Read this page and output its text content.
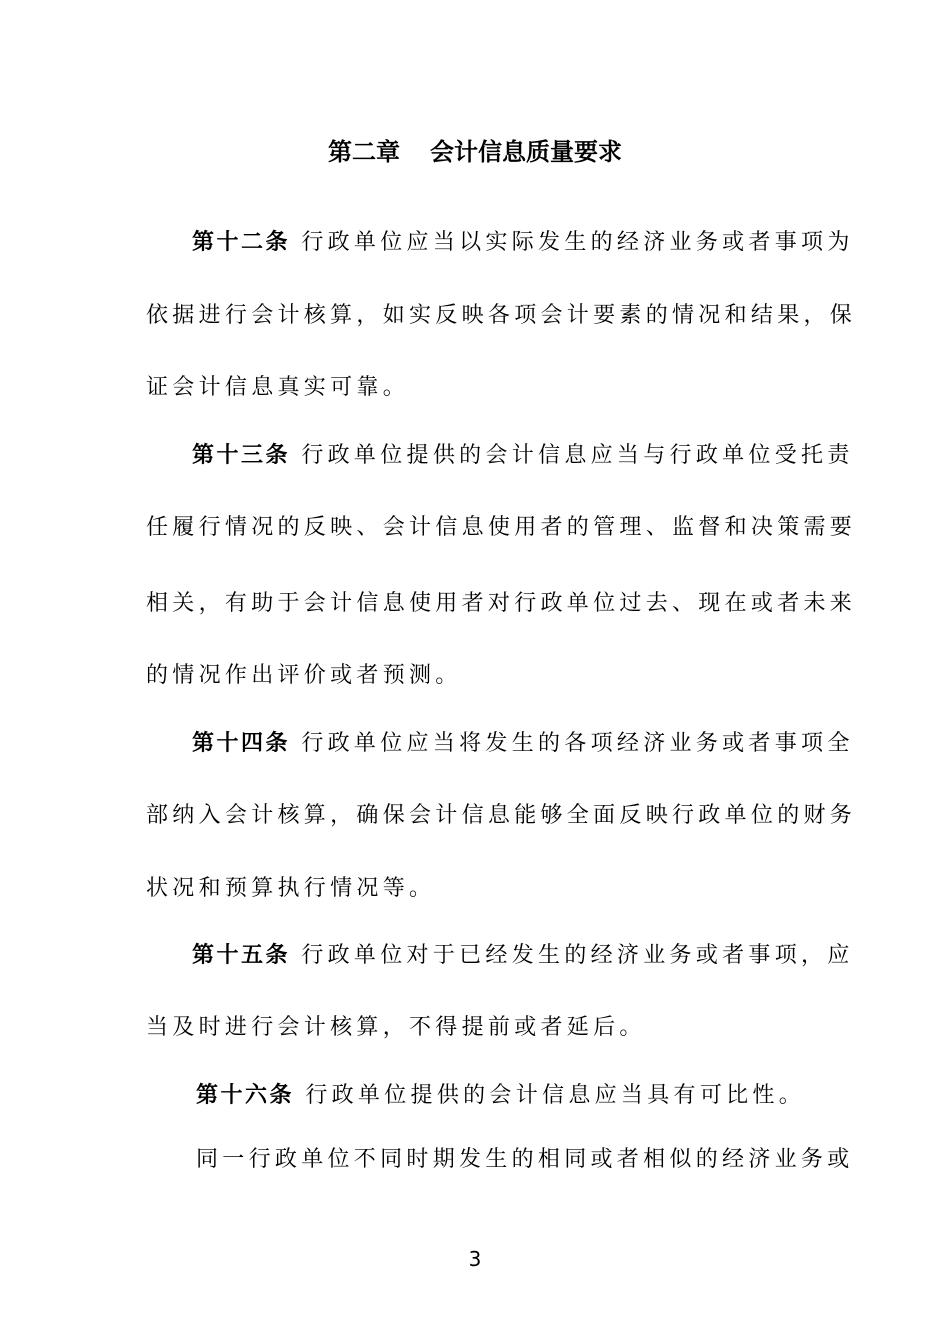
第二章 会计信息质量要求
第十二条 行政单位应当以实际发生的经济业务或者事项为
依据进行会计核算，如实反映各项会计要素的情况和结果，保
证会计信息真实可靠。
第十三条 行政单位提供的会计信息应当与行政单位受托责
任履行情况的反映、会计信息使用者的管理、监督和决策需要
相关，有助于会计信息使用者对行政单位过去、现在或者未来
的情况作出评价或者预测。
第十四条 行政单位应当将发生的各项经济业务或者事项全
部纳入会计核算，确保会计信息能够全面反映行政单位的财务
状况和预算执行情况等。
第十五条 行政单位对于已经发生的经济业务或者事项，应
当及时进行会计核算，不得提前或者延后。
第十六条 行政单位提供的会计信息应当具有可比性。
同一行政单位不同时期发生的相同或者相似的经济业务或
3
